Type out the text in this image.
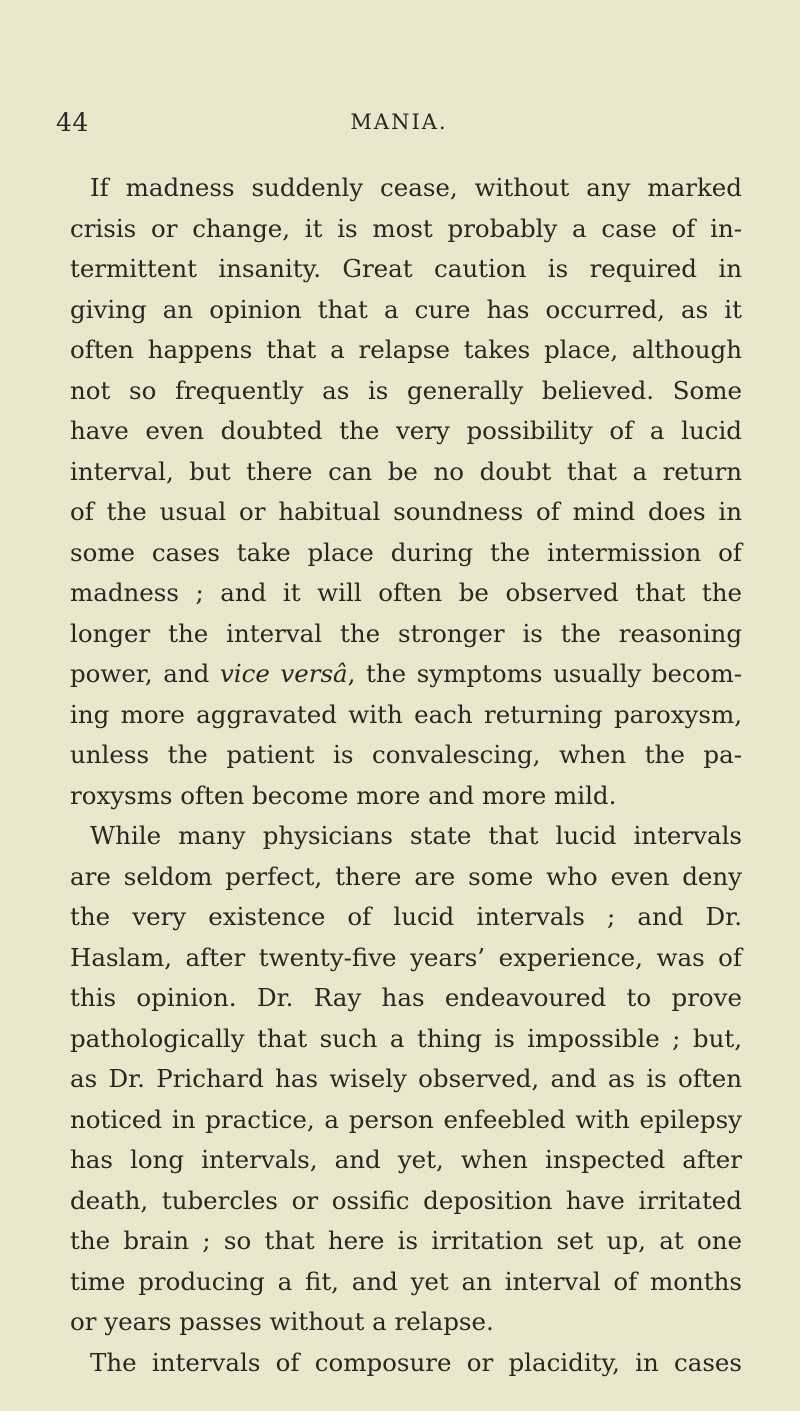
44	MANIA.
If madness suddenly cease, without any marked
crisis or change, it is most probably a case of in-
termittent insanity. Great caution is required in
giving an opinion that a cure has occurred, as it
often happens that a relapse takes place, although
not so frequently as is generally believed. Some
have even doubted the very possibility of a lucid
interval, but there can be no doubt that a return
of the usual or habitual soundness of mind does in
some cases take place during the intermission of
madness ; and it will often be observed that the
longer the interval the stronger is the reasoning
power, and vice versâ, the symptoms usually becom-
ing more aggravated with each returning paroxysm,
unless the patient is convalescing, when the pa-
roxysms often become more and more mild.
While many physicians state that lucid intervals
are seldom perfect, there are some who even deny
the very existence of lucid intervals ; and Dr.
Haslam, after twenty-five years’ experience, was of
this opinion. Dr. Ray has endeavoured to prove
pathologically that such a thing is impossible ; but,
as Dr. Prichard has wisely observed, and as is often
noticed in practice, a person enfeebled with epilepsy
has long intervals, and yet, when inspected after
death, tubercles or ossific deposition have irritated
the brain ; so that here is irritation set up, at one
time producing a fit, and yet an interval of months
or years passes without a relapse.
The intervals of composure or placidity, in cases
